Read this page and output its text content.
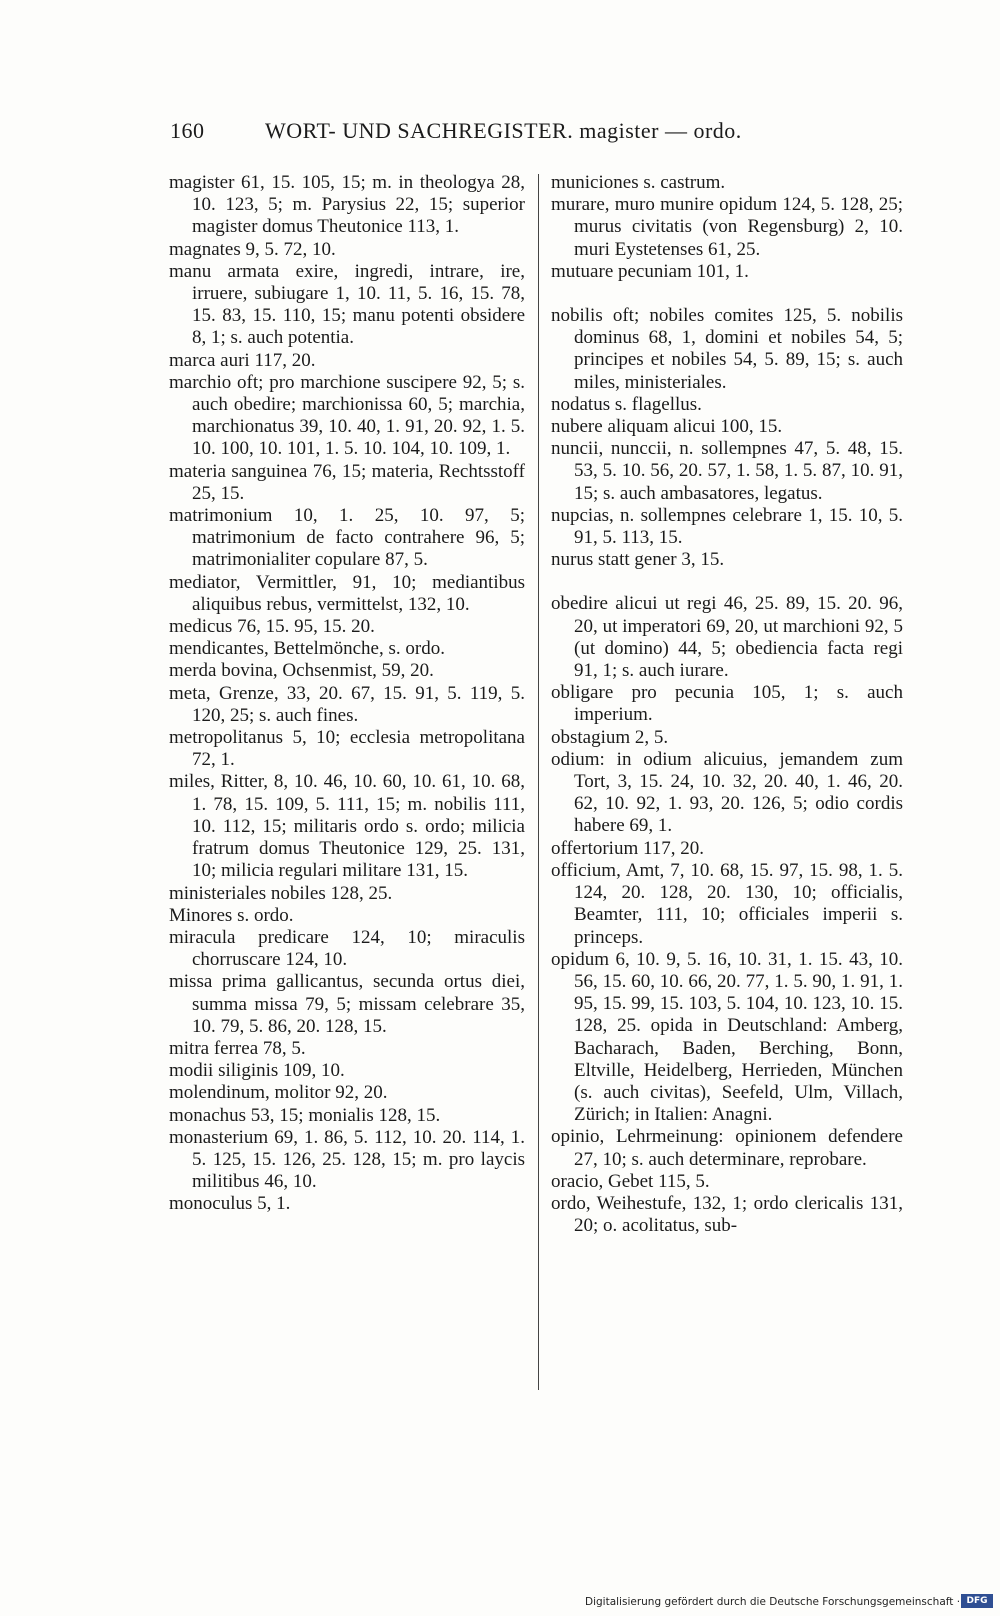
160	WORT- UND SACHREGISTER. magister — ordo.

magister 61, 15. 105, 15; m. in theologya 28, 10. 123, 5; m. Parysius 22, 15; superior magister domus Theutonice 113, 1.

magnates 9, 5. 72, 10.

manu armata exire, ingredi, intrare, ire, irruere, subiugare 1, 10. 11, 5. 16, 15. 78, 15. 83, 15. 110, 15; manu potenti obsidere 8, 1; s. auch potentia.

marca auri 117, 20.

marchio oft; pro marchione suscipere 92, 5; s. auch obedire; marchionissa 60, 5; marchia, marchionatus 39, 10. 40, 1. 91, 20. 92, 1. 5. 10. 100, 10. 101, 1. 5. 10. 104, 10. 109, 1.

materia sanguinea 76, 15; materia, Rechtsstoff 25, 15.

matrimonium 10, 1. 25, 10. 97, 5; matrimonium de facto contrahere 96, 5; matrimonialiter copulare 87, 5.

mediator, Vermittler, 91, 10; mediantibus aliquibus rebus, vermittelst, 132, 10.

medicus 76, 15. 95, 15. 20.

mendicantes, Bettelmönche, s. ordo.

merda bovina, Ochsenmist, 59, 20.

meta, Grenze, 33, 20. 67, 15. 91, 5. 119, 5. 120, 25; s. auch fines.

metropolitanus 5, 10; ecclesia metropolitana 72, 1.

miles, Ritter, 8, 10. 46, 10. 60, 10. 61, 10. 68, 1. 78, 15. 109, 5. 111, 15; m. nobilis 111, 10. 112, 15; militaris ordo s. ordo; milicia fratrum domus Theutonice 129, 25. 131, 10; milicia regulari militare 131, 15.

ministeriales nobiles 128, 25.

Minores s. ordo.

miracula predicare 124, 10; miraculis chorruscare 124, 10.

missa prima gallicantus, secunda ortus diei, summa missa 79, 5; missam celebrare 35, 10. 79, 5. 86, 20. 128, 15.

mitra ferrea 78, 5.

modii siliginis 109, 10.

molendinum, molitor 92, 20.

monachus 53, 15; monialis 128, 15.

monasterium 69, 1. 86, 5. 112, 10. 20. 114, 1. 5. 125, 15. 126, 25. 128, 15; m. pro laycis militibus 46, 10.

monoculus 5, 1.

municiones s. castrum.

murare, muro munire opidum 124, 5. 128, 25; murus civitatis (von Regensburg) 2, 10. muri Eystetenses 61, 25.

mutuare pecuniam 101, 1.

nobilis oft; nobiles comites 125, 5. nobilis dominus 68, 1, domini et nobiles 54, 5; principes et nobiles 54, 5. 89, 15; s. auch miles, ministeriales.

nodatus s. flagellus.

nubere aliquam alicui 100, 15.

nuncii, nunccii, n. sollempnes 47, 5. 48, 15. 53, 5. 10. 56, 20. 57, 1. 58, 1. 5. 87, 10. 91, 15; s. auch ambasatores, legatus.

nupcias, n. sollempnes celebrare 1, 15. 10, 5. 91, 5. 113, 15.

nurus statt gener 3, 15.

obedire alicui ut regi 46, 25. 89, 15. 20. 96, 20, ut imperatori 69, 20, ut marchioni 92, 5 (ut domino) 44, 5; obediencia facta regi 91, 1; s. auch iurare.

obligare pro pecunia 105, 1; s. auch imperium.

obstagium 2, 5.

odium: in odium alicuius, jemandem zum Tort, 3, 15. 24, 10. 32, 20. 40, 1. 46, 20. 62, 10. 92, 1. 93, 20. 126, 5; odio cordis habere 69, 1.

offertorium 117, 20.

officium, Amt, 7, 10. 68, 15. 97, 15. 98, 1. 5. 124, 20. 128, 20. 130, 10; officialis, Beamter, 111, 10; officiales imperii s. princeps.

opidum 6, 10. 9, 5. 16, 10. 31, 1. 15. 43, 10. 56, 15. 60, 10. 66, 20. 77, 1. 5. 90, 1. 91, 1. 95, 15. 99, 15. 103, 5. 104, 10. 123, 10. 15. 128, 25. opida in Deutschland: Amberg, Bacharach, Baden, Berching, Bonn, Eltville, Heidelberg, Herrieden, München (s. auch civitas), Seefeld, Ulm, Villach, Zürich; in Italien: Anagni.

opinio, Lehrmeinung: opinionem defendere 27, 10; s. auch determinare, reprobare.

oracio, Gebet 115, 5.

ordo, Weihestufe, 132, 1; ordo clericalis 131, 20; o. acolitatus, sub-

Digitalisierung gefördert durch die Deutsche Forschungsgemeinschaft · DFG
